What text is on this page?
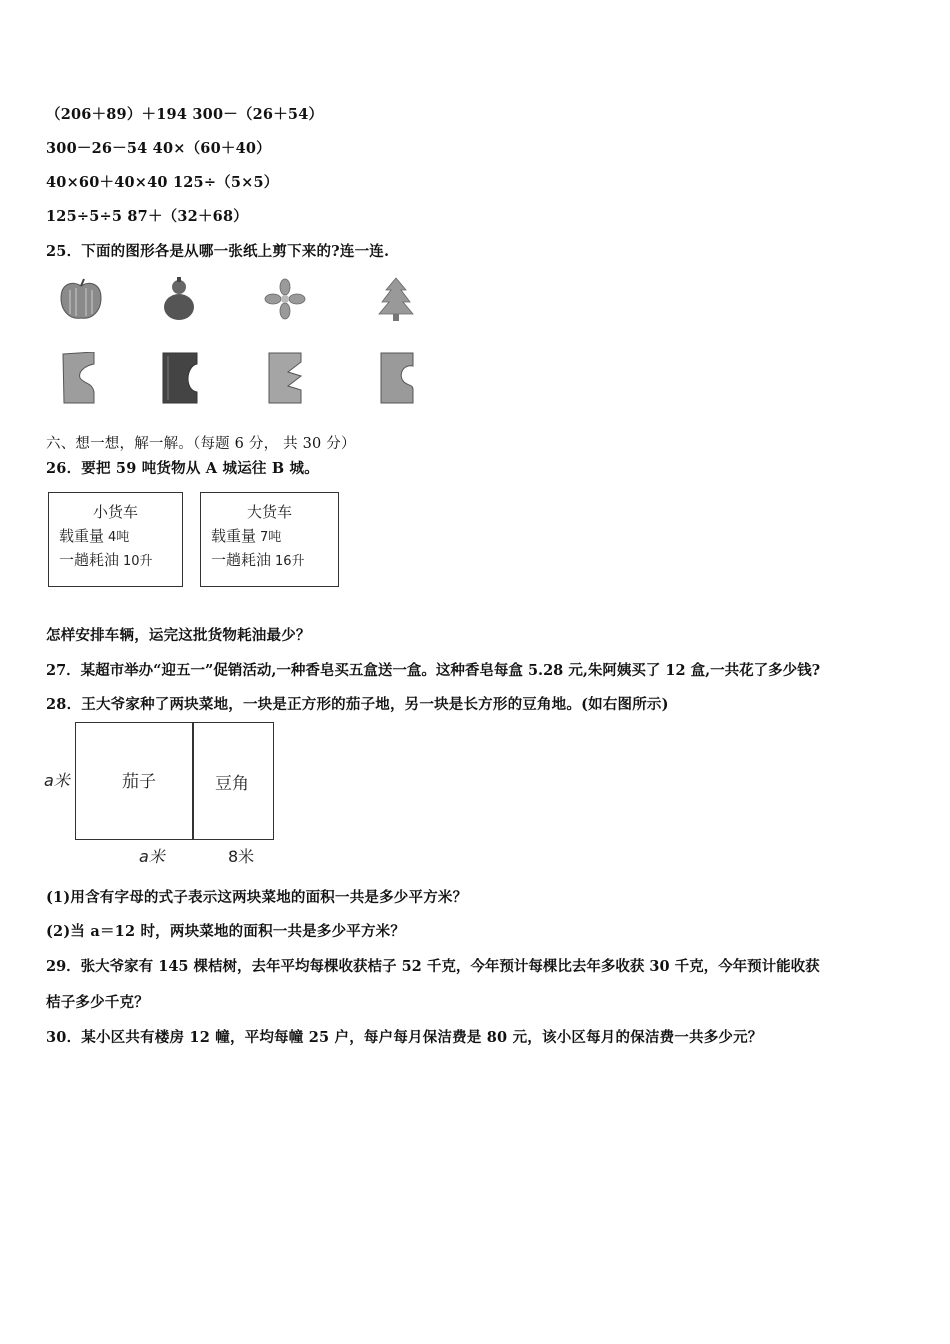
（206＋89）＋194 300－（26＋54）
300－26－54 40×（60＋40）
40×60＋40×40 125÷（5×5）
125÷5÷5 87＋（32＋68）
25．下面的图形各是从哪一张纸上剪下来的?连一连.
六、想一想，解一解。（每题 6 分， 共 30 分）
26．要把 59 吨货物从 A 城运往 B 城。
小货车
载重量 4吨
一趟耗油 10升
大货车
载重量 7吨
一趟耗油 16升
怎样安排车辆，运完这批货物耗油最少？
27．某超市举办“迎五一”促销活动,一种香皂买五盒送一盒。这种香皂每盒 5.28 元,朱阿姨买了 12 盒,一共花了多少钱?
28．王大爷家种了两块菜地，一块是正方形的茄子地，另一块是长方形的豆角地。(如右图所示)
a米	茄子	豆角
a米	8米
(1)用含有字母的式子表示这两块菜地的面积一共是多少平方米？
(2)当 a＝12 时，两块菜地的面积一共是多少平方米？
29．张大爷家有 145 棵桔树，去年平均每棵收获桔子 52 千克，今年预计每棵比去年多收获 30 千克，今年预计能收获
桔子多少千克？
30．某小区共有楼房 12 幢，平均每幢 25 户，每户每月保洁费是 80 元，该小区每月的保洁费一共多少元？
